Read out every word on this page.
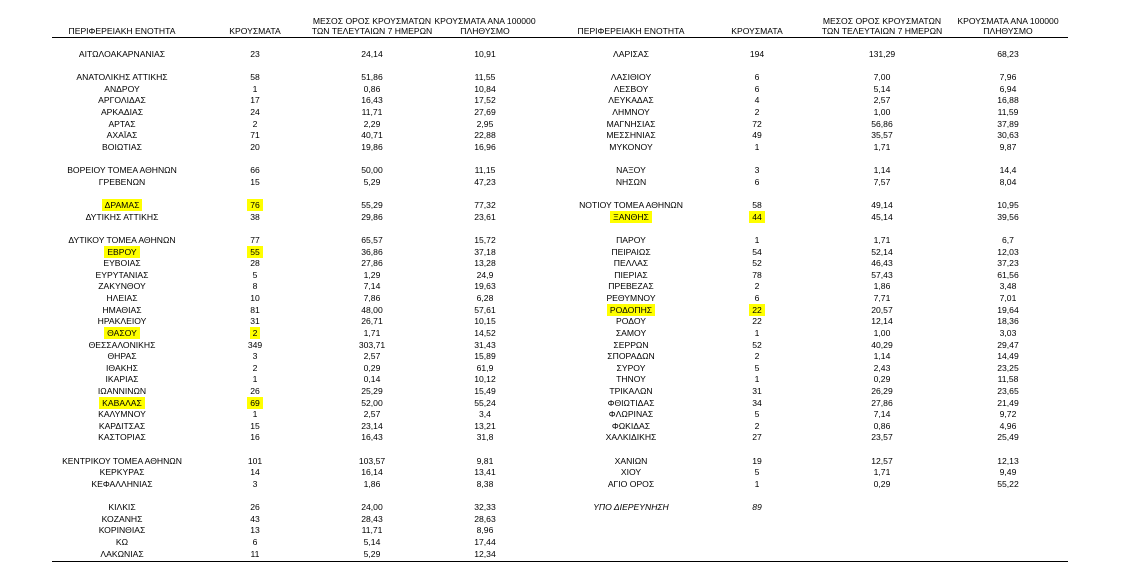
ΠΕΡΙΦΕΡΕΙΑΚΗ ΕΝΟΤΗΤΑ	ΚΡΟΥΣΜΑΤΑ
ΜΕΣΟΣ ΟΡΟΣ ΚΡΟΥΣΜΑΤΩΝ
ΤΩΝ ΤΕΛΕΥΤΑΙΩΝ 7 ΗΜΕΡΩΝ
ΚΡΟΥΣΜΑΤΑ ΑΝΑ 100000
ΠΛΗΘΥΣΜΟ	ΠΕΡΙΦΕΡΕΙΑΚΗ ΕΝΟΤΗΤΑ	ΚΡΟΥΣΜΑΤΑ
ΜΕΣΟΣ ΟΡΟΣ ΚΡΟΥΣΜΑΤΩΝ
ΤΩΝ ΤΕΛΕΥΤΑΙΩΝ 7 ΗΜΕΡΩΝ
ΚΡΟΥΣΜΑΤΑ ΑΝΑ 100000
ΠΛΗΘΥΣΜΟ
ΑΙΤΩΛΟΑΚΑΡΝΑΝΙΑΣ	23	24,14	10,91
ΑΝΑΤΟΛΙΚΗΣ ΑΤΤΙΚΗΣ	58	51,86	11,55
ΑΝΔΡΟΥ	1	0,86	10,84
ΑΡΓΟΛΙΔΑΣ	17	16,43	17,52
ΑΡΚΑΔΙΑΣ	24	11,71	27,69
ΑΡΤΑΣ	2	2,29	2,95
ΑΧΑΪΑΣ	71	40,71	22,88
ΒΟΙΩΤΙΑΣ	20	19,86	16,96
ΒΟΡΕΙΟΥ ΤΟΜΕΑ ΑΘΗΝΩΝ	66	50,00	11,15
ΓΡΕΒΕΝΩΝ	15	5,29	47,23
ΔΡΑΜΑΣ	76	55,29	77,32
ΔΥΤΙΚΗΣ ΑΤΤΙΚΗΣ	38	29,86	23,61
ΔΥΤΙΚΟΥ ΤΟΜΕΑ ΑΘΗΝΩΝ	77	65,57	15,72
ΕΒΡΟΥ	55	36,86	37,18
ΕΥΒΟΙΑΣ	28	27,86	13,28
ΕΥΡΥΤΑΝΙΑΣ	5	1,29	24,9
ΖΑΚΥΝΘΟΥ	8	7,14	19,63
ΗΛΕΙΑΣ	10	7,86	6,28
ΗΜΑΘΙΑΣ	81	48,00	57,61
ΗΡΑΚΛΕΙΟΥ	31	26,71	10,15
ΘΑΣΟΥ	2	1,71	14,52
ΘΕΣΣΑΛΟΝΙΚΗΣ	349	303,71	31,43
ΘΗΡΑΣ	3	2,57	15,89
ΙΘΑΚΗΣ	2	0,29	61,9
ΙΚΑΡΙΑΣ	1	0,14	10,12
ΙΩΑΝΝΙΝΩΝ	26	25,29	15,49
ΚΑΒΑΛΑΣ	69	52,00	55,24
ΚΑΛΥΜΝΟΥ	1	2,57	3,4
ΚΑΡΔΙΤΣΑΣ	15	23,14	13,21
ΚΑΣΤΟΡΙΑΣ	16	16,43	31,8
ΚΕΝΤΡΙΚΟΥ ΤΟΜΕΑ ΑΘΗΝΩΝ	101	103,57	9,81
ΚΕΡΚΥΡΑΣ	14	16,14	13,41
ΚΕΦΑΛΛΗΝΙΑΣ	3	1,86	8,38
ΚΙΛΚΙΣ	26	24,00	32,33
ΚΟΖΑΝΗΣ	43	28,43	28,63
ΚΟΡΙΝΘΙΑΣ	13	11,71	8,96
ΚΩ	6	5,14	17,44
ΛΑΚΩΝΙΑΣ	11	5,29	12,34
ΛΑΡΙΣΑΣ	194	131,29	68,23
ΛΑΣΙΘΙΟΥ	6	7,00	7,96
ΛΕΣΒΟΥ	6	5,14	6,94
ΛΕΥΚΑΔΑΣ	4	2,57	16,88
ΛΗΜΝΟΥ	2	1,00	11,59
ΜΑΓΝΗΣΙΑΣ	72	56,86	37,89
ΜΕΣΣΗΝΙΑΣ	49	35,57	30,63
ΜΥΚΟΝΟΥ	1	1,71	9,87
ΝΑΞΟΥ	3	1,14	14,4
ΝΗΣΩΝ	6	7,57	8,04
ΝΟΤΙΟΥ ΤΟΜΕΑ ΑΘΗΝΩΝ	58	49,14	10,95
ΞΑΝΘΗΣ	44	45,14	39,56
ΠΑΡΟΥ	1	1,71	6,7
ΠΕΙΡΑΙΩΣ	54	52,14	12,03
ΠΕΛΛΑΣ	52	46,43	37,23
ΠΙΕΡΙΑΣ	78	57,43	61,56
ΠΡΕΒΕΖΑΣ	2	1,86	3,48
ΡΕΘΥΜΝΟΥ	6	7,71	7,01
ΡΟΔΟΠΗΣ	22	20,57	19,64
ΡΟΔΟΥ	22	12,14	18,36
ΣΑΜΟΥ	1	1,00	3,03
ΣΕΡΡΩΝ	52	40,29	29,47
ΣΠΟΡΑΔΩΝ	2	1,14	14,49
ΣΥΡΟΥ	5	2,43	23,25
ΤΗΝΟΥ	1	0,29	11,58
ΤΡΙΚΑΛΩΝ	31	26,29	23,65
ΦΘΙΩΤΙΔΑΣ	34	27,86	21,49
ΦΛΩΡΙΝΑΣ	5	7,14	9,72
ΦΩΚΙΔΑΣ	2	0,86	4,96
ΧΑΛΚΙΔΙΚΗΣ	27	23,57	25,49
ΧΑΝΙΩΝ	19	12,57	12,13
ΧΙΟΥ	5	1,71	9,49
ΑΓΙΟ ΟΡΟΣ	1	0,29	55,22
ΥΠΟ ΔΙΕΡΕΥΝΗΣΗ	89
